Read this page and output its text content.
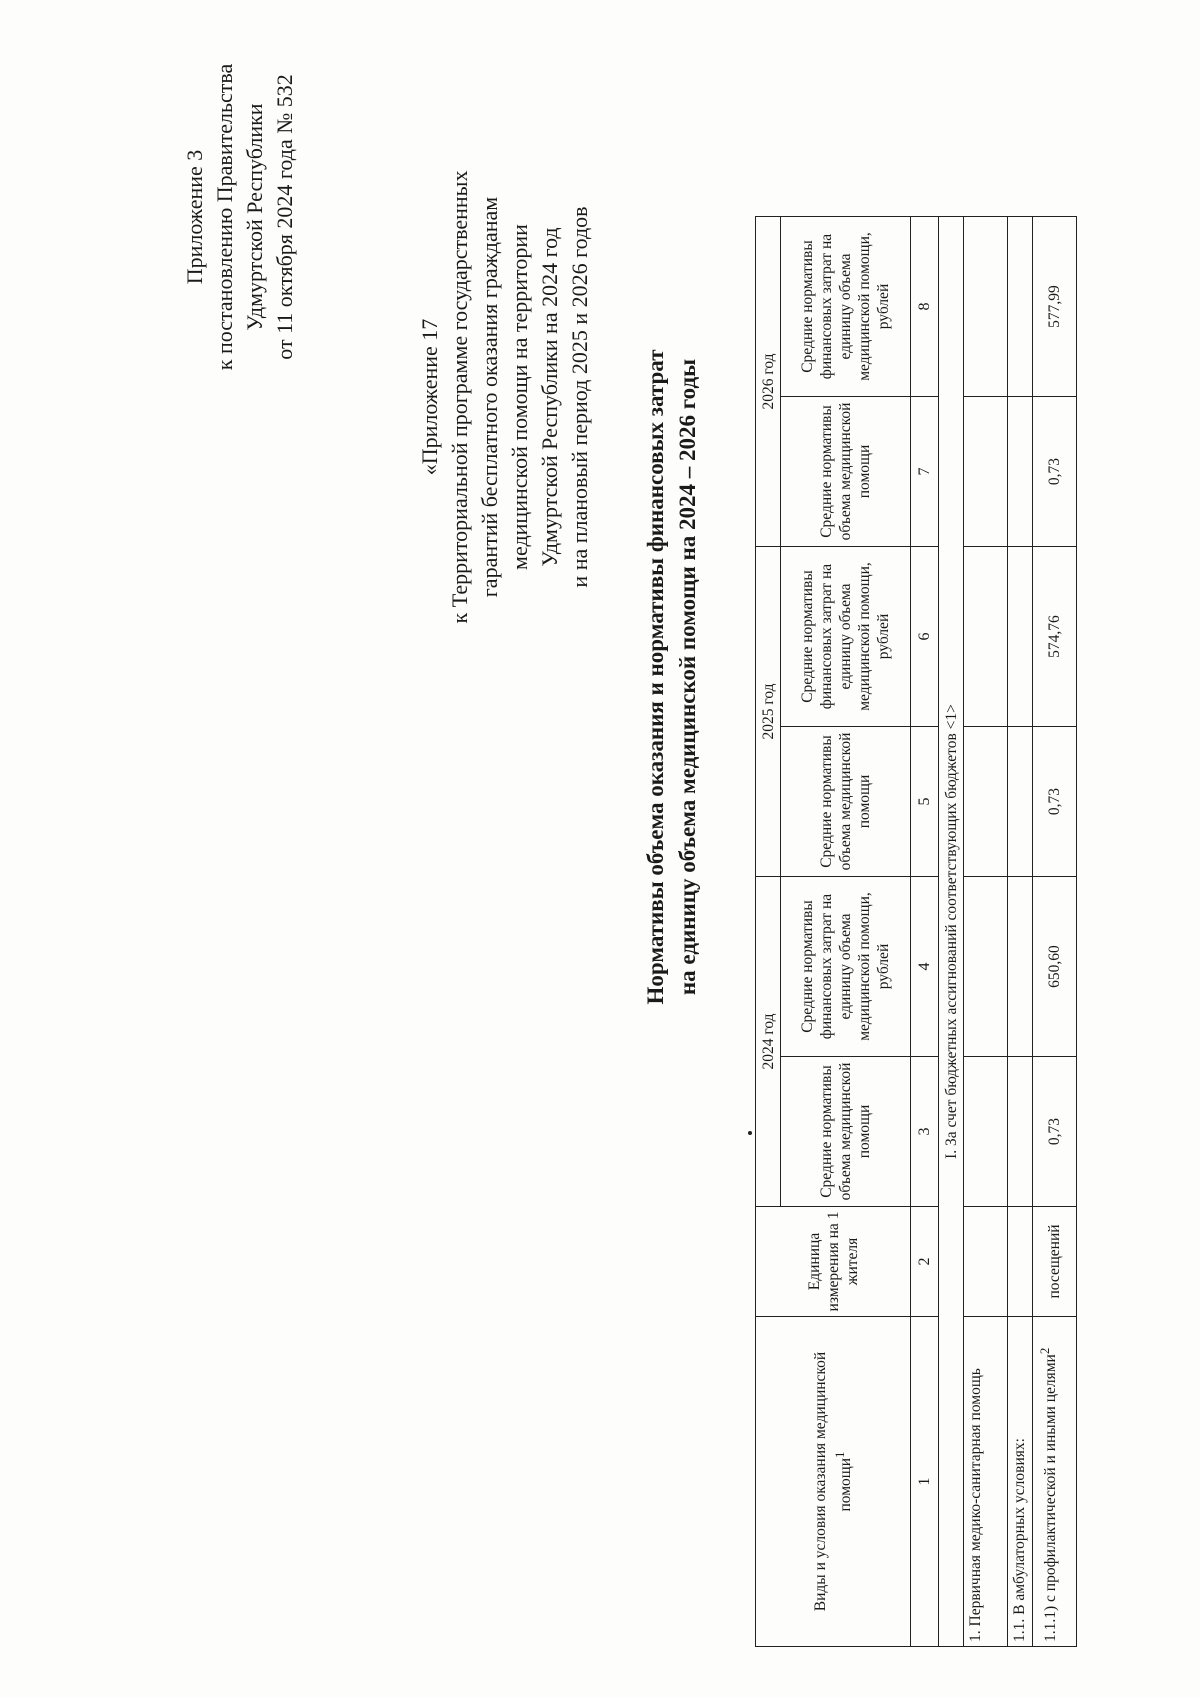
Приложение 3 к постановлению Правительства Удмуртской Республики от 11 октября 2024 года № 532
«Приложение 17 к Территориальной программе государственных гарантий бесплатного оказания гражданам медицинской помощи на территории Удмуртской Республики на 2024 год и на плановый период 2025 и 2026 годов Нормативы объема оказания и нормативы финансовых затрат на единицу объема медицинской помощи на 2024 – 2026 годы
Виды и условия оказания медицинской помощи$^1$	Единица измерения на 1 жителя	2024 год		2025 год		2026 год	
		Средние нормативы объема медицинской помощи	Средние нормативы финансовых затрат на единицу объема медицинской помощи, рублей	Средние нормативы объема медицинской помощи	Средние нормативы финансовых затрат на единицу объема медицинской помощи, рублей	Средние нормативы объема медицинской помощи	Средние нормативы финансовых затрат на единицу объема медицинской помощи, рублей
1	2	3	4	5	6	7	8
I. За счет бюджетных ассигнований соответствующих бюджетов <1>							
1. Первичная медико-санитарная помощь							
1.1. В амбулаторных условиях:							
1.1.1) с профилактической и иными целями$^2$	посещений	0,73	650,60	0,73	574,76	0,73	577,99
